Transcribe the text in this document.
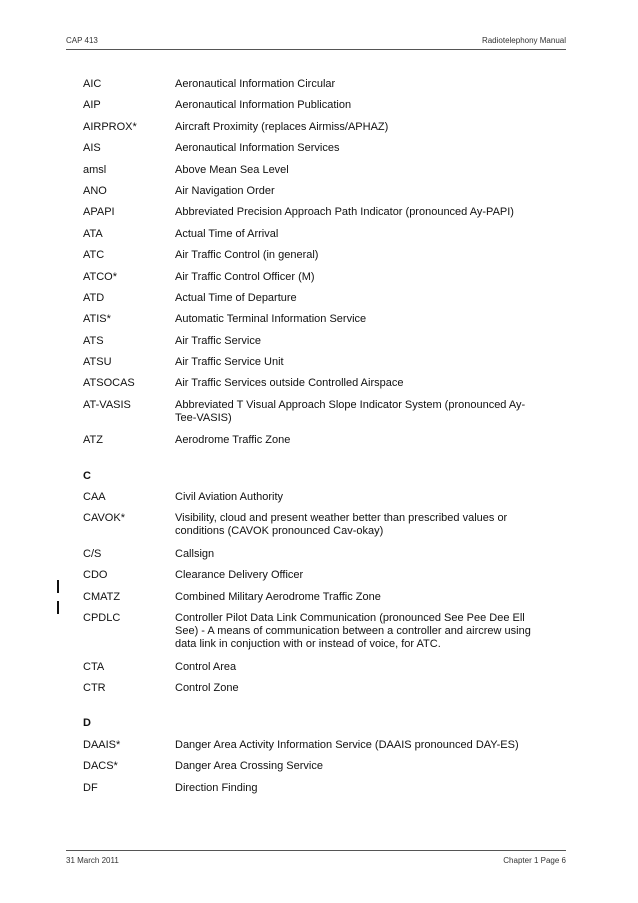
CAP 413	Radiotelephony Manual
AIC	Aeronautical Information Circular
AIP	Aeronautical Information Publication
AIRPROX*	Aircraft Proximity (replaces Airmiss/APHAZ)
AIS	Aeronautical Information Services
amsl	Above Mean Sea Level
ANO	Air Navigation Order
APAPI	Abbreviated Precision Approach Path Indicator (pronounced Ay-PAPI)
ATA	Actual Time of Arrival
ATC	Air Traffic Control (in general)
ATCO*	Air Traffic Control Officer (M)
ATD	Actual Time of Departure
ATIS*	Automatic Terminal Information Service
ATS	Air Traffic Service
ATSU	Air Traffic Service Unit
ATSOCAS	Air Traffic Services outside Controlled Airspace
AT-VASIS	Abbreviated T Visual Approach Slope Indicator System (pronounced Ay-Tee-VASIS)
ATZ	Aerodrome Traffic Zone
C
CAA	Civil Aviation Authority
CAVOK*	Visibility, cloud and present weather better than prescribed values or conditions (CAVOK pronounced Cav-okay)
C/S	Callsign
CDO	Clearance Delivery Officer
CMATZ	Combined Military Aerodrome Traffic Zone
CPDLC	Controller Pilot Data Link Communication (pronounced See Pee Dee Ell See) - A means of communication between a controller and aircrew using data link in conjuction with or instead of voice, for ATC.
CTA	Control Area
CTR	Control Zone
D
DAAIS*	Danger Area Activity Information Service (DAAIS pronounced DAY-ES)
DACS*	Danger Area Crossing Service
DF	Direction Finding
31 March 2011	Chapter 1 Page 6
